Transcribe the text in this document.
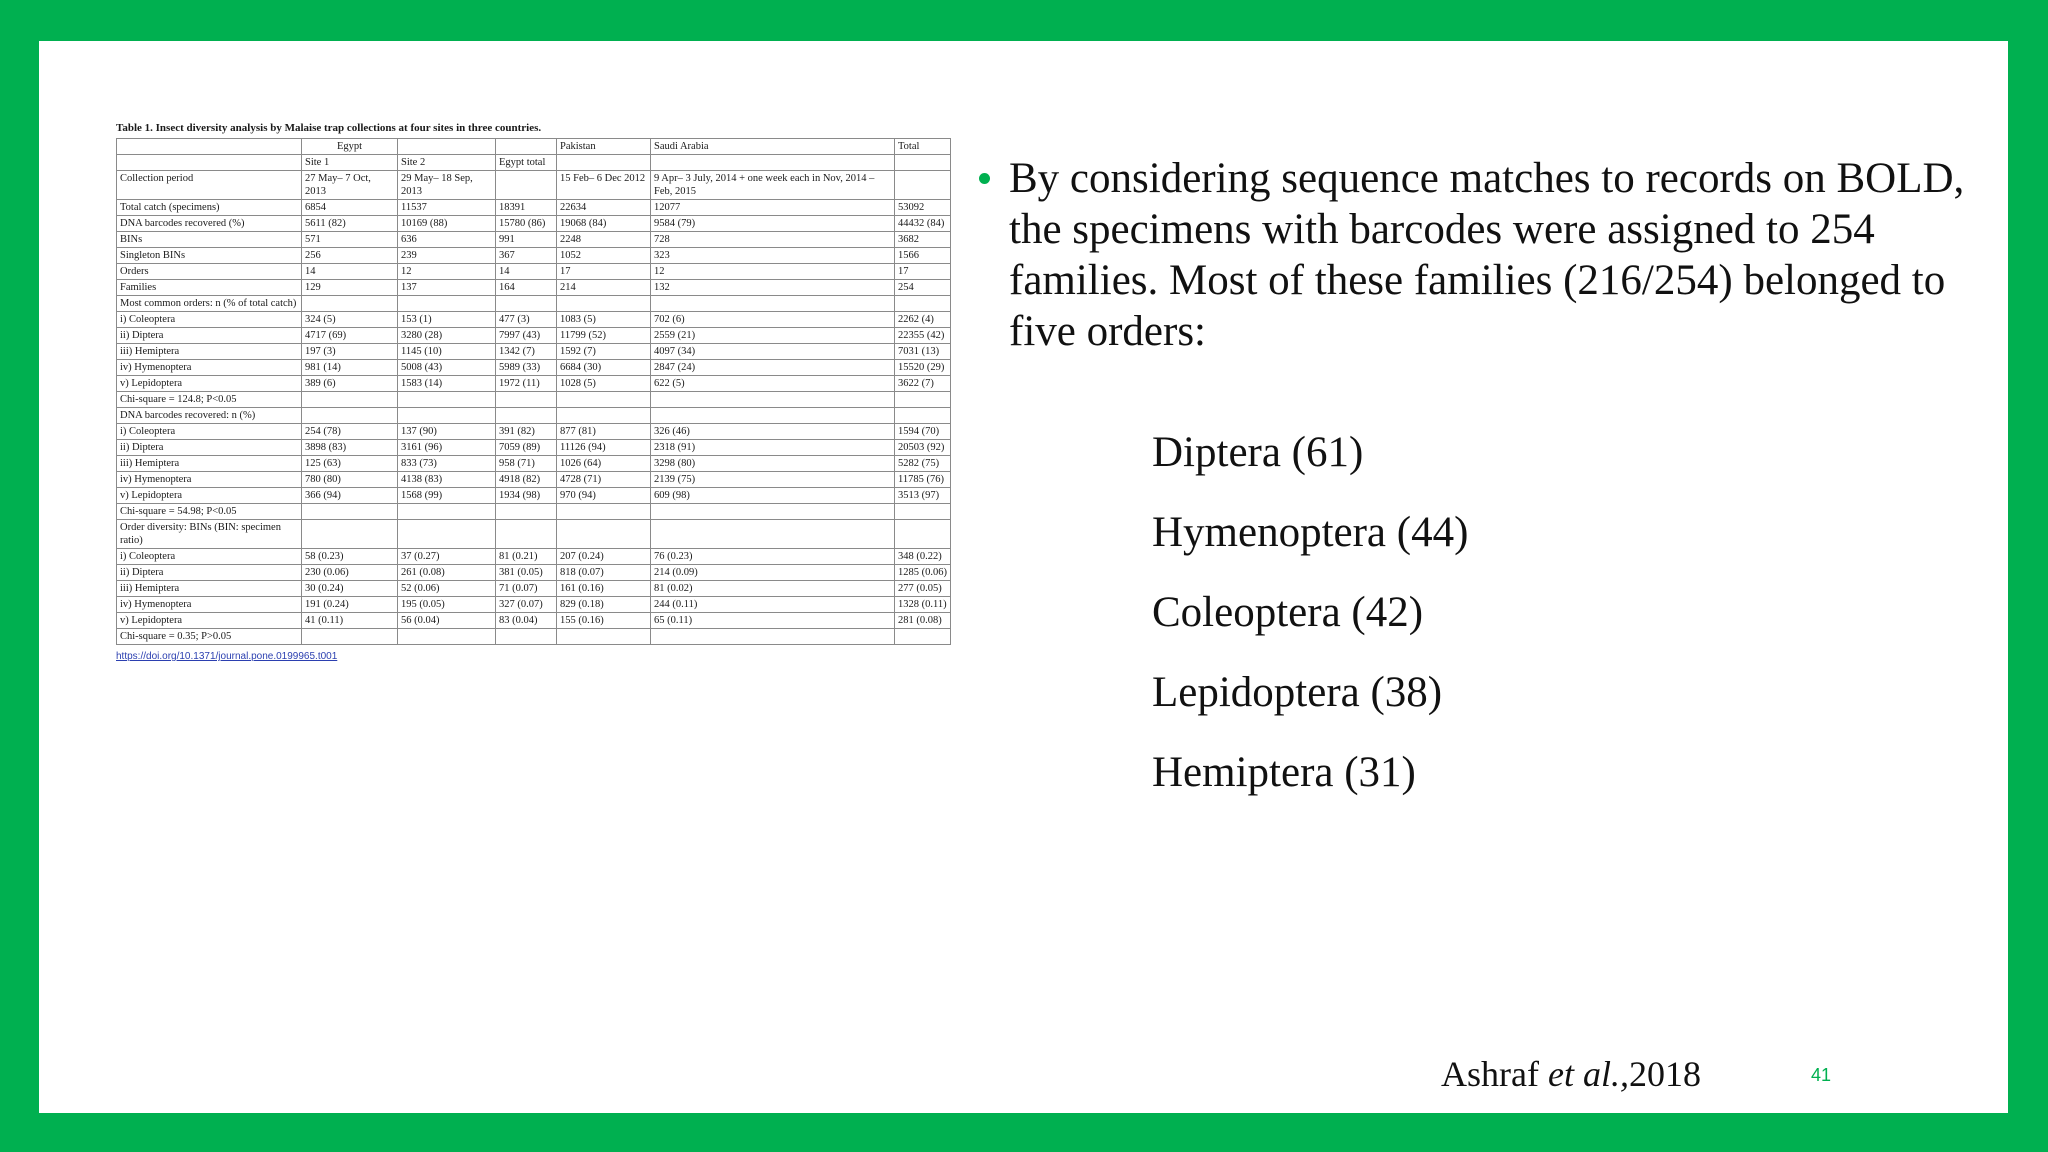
Table 1. Insect diversity analysis by Malaise trap collections at four sites in three countries.
	Egypt			Pakistan	Saudi Arabia	Total
	Site 1	Site 2	Egypt total			
Collection period	27 May– 7 Oct, 2013	29 May– 18 Sep, 2013		15 Feb– 6 Dec 2012	9 Apr– 3 July, 2014 + one week each in Nov, 2014 –Feb, 2015	
Total catch (specimens)	6854	11537	18391	22634	12077	53092
DNA barcodes recovered (%)	5611 (82)	10169 (88)	15780 (86)	19068 (84)	9584 (79)	44432 (84)
BINs	571	636	991	2248	728	3682
Singleton BINs	256	239	367	1052	323	1566
Orders	14	12	14	17	12	17
Families	129	137	164	214	132	254
Most common orders: n (% of total catch)						
i) Coleoptera	324 (5)	153 (1)	477 (3)	1083 (5)	702 (6)	2262 (4)
ii) Diptera	4717 (69)	3280 (28)	7997 (43)	11799 (52)	2559 (21)	22355 (42)
iii) Hemiptera	197 (3)	1145 (10)	1342 (7)	1592 (7)	4097 (34)	7031 (13)
iv) Hymenoptera	981 (14)	5008 (43)	5989 (33)	6684 (30)	2847 (24)	15520 (29)
v) Lepidoptera	389 (6)	1583 (14)	1972 (11)	1028 (5)	622 (5)	3622 (7)
Chi-square = 124.8; P<0.05						
DNA barcodes recovered: n (%)						
i) Coleoptera	254 (78)	137 (90)	391 (82)	877 (81)	326 (46)	1594 (70)
ii) Diptera	3898 (83)	3161 (96)	7059 (89)	11126 (94)	2318 (91)	20503 (92)
iii) Hemiptera	125 (63)	833 (73)	958 (71)	1026 (64)	3298 (80)	5282 (75)
iv) Hymenoptera	780 (80)	4138 (83)	4918 (82)	4728 (71)	2139 (75)	11785 (76)
v) Lepidoptera	366 (94)	1568 (99)	1934 (98)	970 (94)	609 (98)	3513 (97)
Chi-square = 54.98; P<0.05						
Order diversity: BINs (BIN: specimen ratio)						
i) Coleoptera	58 (0.23)	37 (0.27)	81 (0.21)	207 (0.24)	76 (0.23)	348 (0.22)
ii) Diptera	230 (0.06)	261 (0.08)	381 (0.05)	818 (0.07)	214 (0.09)	1285 (0.06)
iii) Hemiptera	30 (0.24)	52 (0.06)	71 (0.07)	161 (0.16)	81 (0.02)	277 (0.05)
iv) Hymenoptera	191 (0.24)	195 (0.05)	327 (0.07)	829 (0.18)	244 (0.11)	1328 (0.11)
v) Lepidoptera	41 (0.11)	56 (0.04)	83 (0.04)	155 (0.16)	65 (0.11)	281 (0.08)
Chi-square = 0.35; P>0.05						
https://doi.org/10.1371/journal.pone.0199965.t001
By considering sequence matches to records on BOLD, the specimens with barcodes were assigned to 254 families. Most of these families (216/254) belonged to five orders:
Diptera (61)
Hymenoptera (44)
Coleoptera (42)
Lepidoptera (38)
Hemiptera (31)
Ashraf et al.,2018	41
